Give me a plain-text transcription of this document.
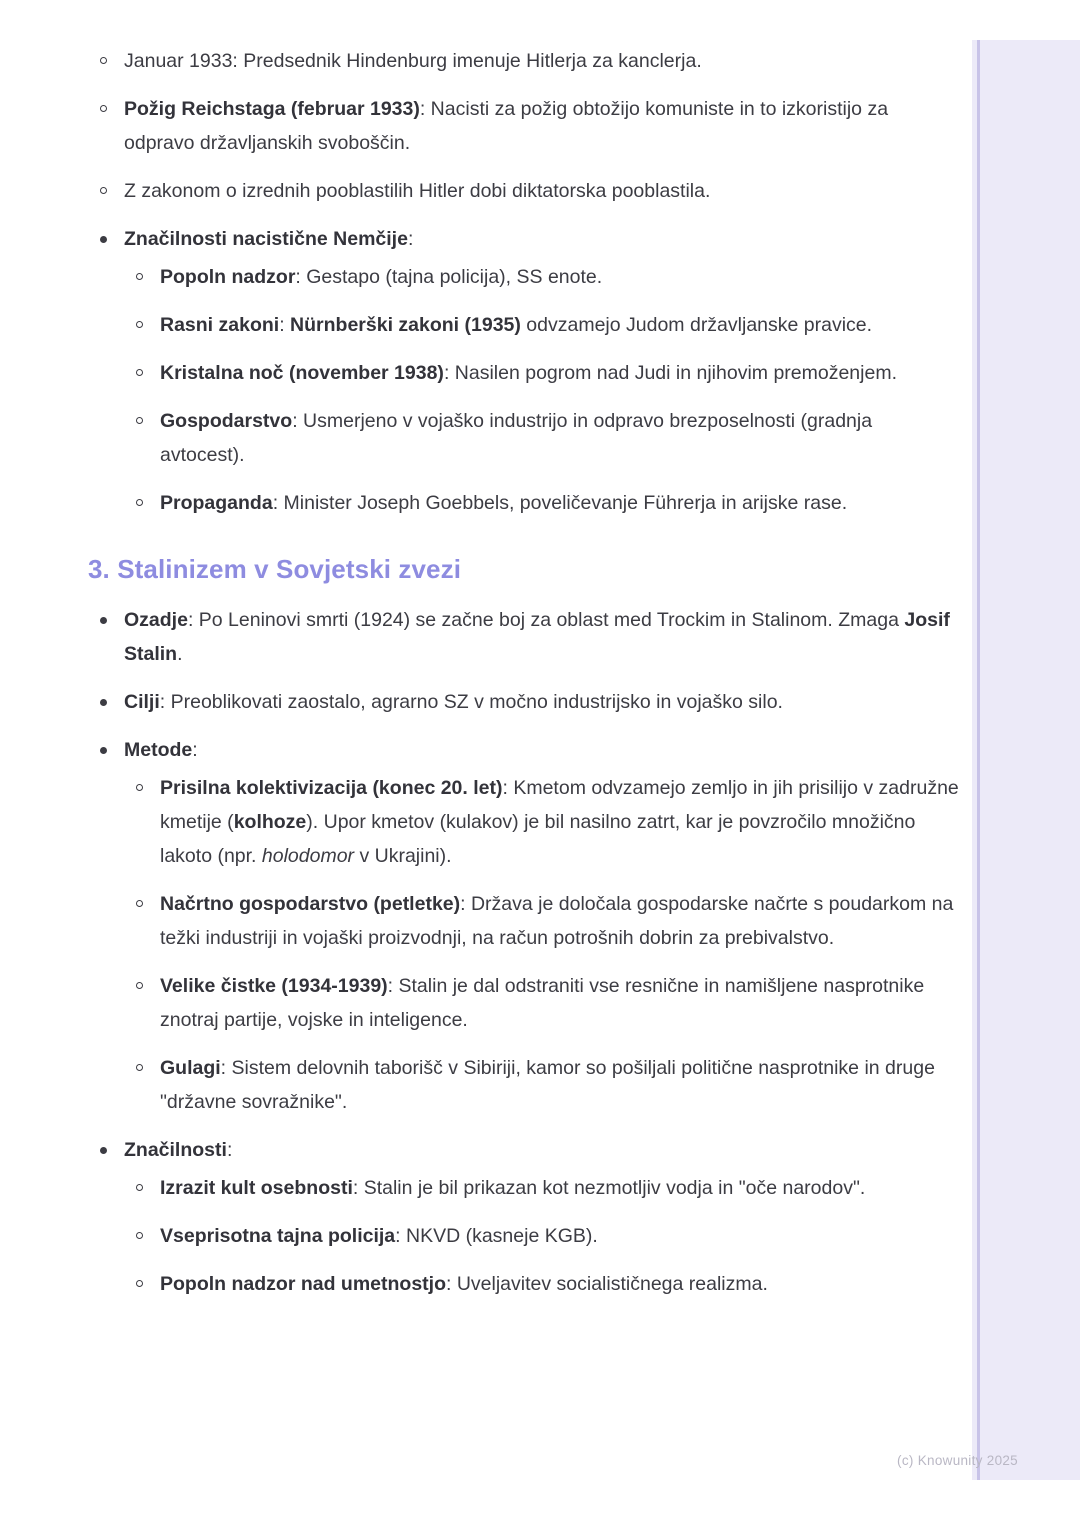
Januar 1933: Predsednik Hindenburg imenuje Hitlerja za kanclerja.
Požig Reichstaga (februar 1933): Nacisti za požig obtožijo komuniste in to izkoristijo za odpravo državljanskih svoboščin.
Z zakonom o izrednih pooblastilih Hitler dobi diktatorska pooblastila.
Značilnosti nacistične Nemčije:
Popoln nadzor: Gestapo (tajna policija), SS enote.
Rasni zakoni: Nürnberški zakoni (1935) odvzamejo Judom državljanske pravice.
Kristalna noč (november 1938): Nasilen pogrom nad Judi in njihovim premoženjem.
Gospodarstvo: Usmerjeno v vojaško industrijo in odpravo brezposelnosti (gradnja avtocest).
Propaganda: Minister Joseph Goebbels, poveličevanje Führerja in arijske rase.
3. Stalinizem v Sovjetski zvezi
Ozadje: Po Leninovi smrti (1924) se začne boj za oblast med Trockim in Stalinom. Zmaga Josif Stalin.
Cilji: Preoblikovati zaostalo, agrarno SZ v močno industrijsko in vojaško silo.
Metode:
Prisilna kolektivizacija (konec 20. let): Kmetom odvzamejo zemljo in jih prisilijo v zadružne kmetije (kolhoze). Upor kmetov (kulakov) je bil nasilno zatrt, kar je povzročilo množično lakoto (npr. holodomor v Ukrajini).
Načrtno gospodarstvo (petletke): Država je določala gospodarske načrte s poudarkom na težki industriji in vojaški proizvodnji, na račun potrošnih dobrin za prebivalstvo.
Velike čistke (1934-1939): Stalin je dal odstraniti vse resnične in namišljene nasprotnike znotraj partije, vojske in inteligence.
Gulagi: Sistem delovnih taborišč v Sibiriji, kamor so pošiljali politične nasprotnike in druge "državne sovražnike".
Značilnosti:
Izrazit kult osebnosti: Stalin je bil prikazan kot nezmotljiv vodja in "oče narodov".
Vseprisotna tajna policija: NKVD (kasneje KGB).
Popoln nadzor nad umetnostjo: Uveljavitev socialističnega realizma.
(c) Knowunity 2025
